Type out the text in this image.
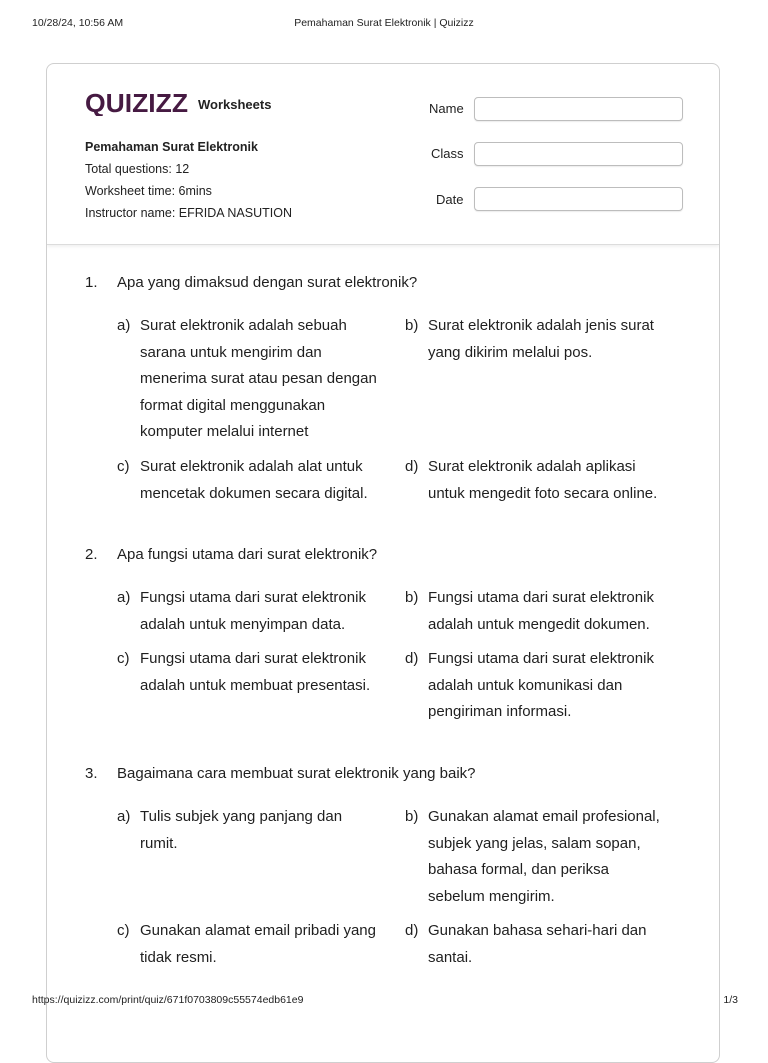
10/28/24, 10:56 AM	Pemahaman Surat Elektronik | Quizizz
QUIZIZZ Worksheets
Pemahaman Surat Elektronik
Total questions: 12
Worksheet time: 6mins
Instructor name: EFRIDA NASUTION
Name
Class
Date
1. Apa yang dimaksud dengan surat elektronik?
a) Surat elektronik adalah sebuah
sarana untuk mengirim dan
menerima surat atau pesan dengan
format digital menggunakan
komputer melalui internet
b) Surat elektronik adalah jenis surat
yang dikirim melalui pos.
c) Surat elektronik adalah alat untuk
mencetak dokumen secara digital.
d) Surat elektronik adalah aplikasi
untuk mengedit foto secara online.
2. Apa fungsi utama dari surat elektronik?
a) Fungsi utama dari surat elektronik
adalah untuk menyimpan data.
b) Fungsi utama dari surat elektronik
adalah untuk mengedit dokumen.
c) Fungsi utama dari surat elektronik
adalah untuk membuat presentasi.
d) Fungsi utama dari surat elektronik
adalah untuk komunikasi dan
pengiriman informasi.
3. Bagaimana cara membuat surat elektronik yang baik?
a) Tulis subjek yang panjang dan
rumit.
b) Gunakan alamat email profesional,
subjek yang jelas, salam sopan,
bahasa formal, dan periksa
sebelum mengirim.
c) Gunakan alamat email pribadi yang
tidak resmi.
d) Gunakan bahasa sehari-hari dan
santai.
https://quizizz.com/print/quiz/671f0703809c55574edb61e9	1/3
